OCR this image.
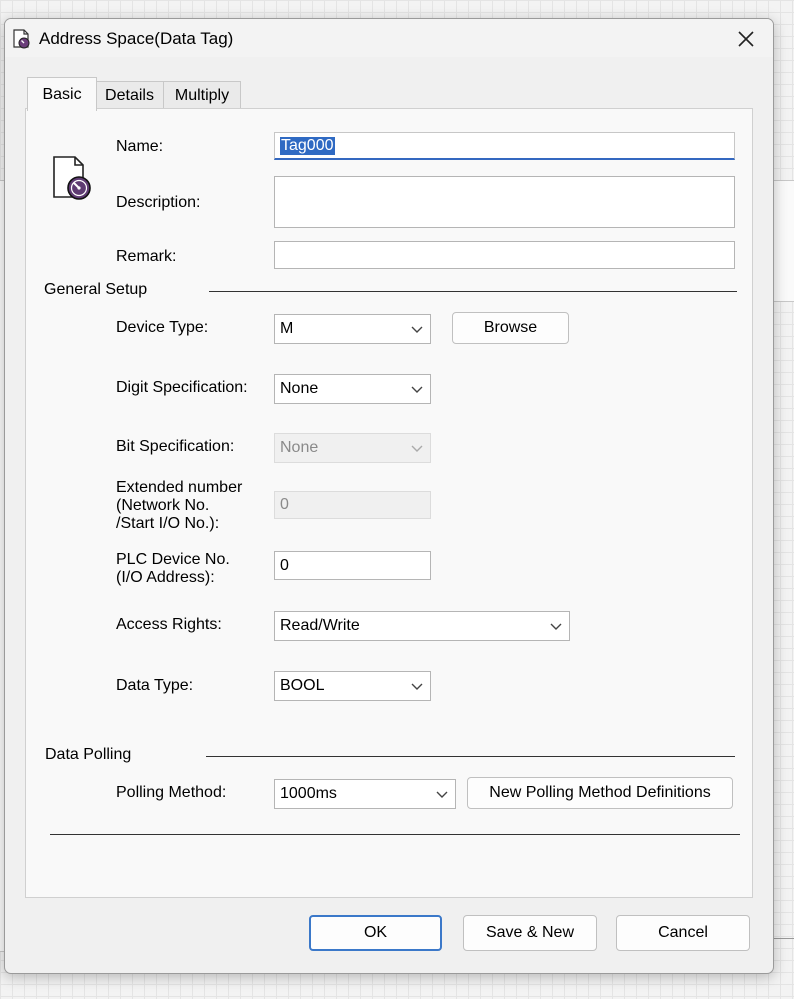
Address Space(Data Tag)
Basic Details Multiply
Name:	Tag000
Description:
Remark:
General Setup
Device Type:	M	Browse
Digit Specification: None
Bit Specification:	None
Extended number
(Network No.
/Start I/O No.):
0
PLC Device No.
(I/O Address):
0
Access Rights:	Read/Write
Data Type:	BOOL
Data Polling
Polling Method:	1000ms	New Polling Method Definitions
OK	Save & New	Cancel
